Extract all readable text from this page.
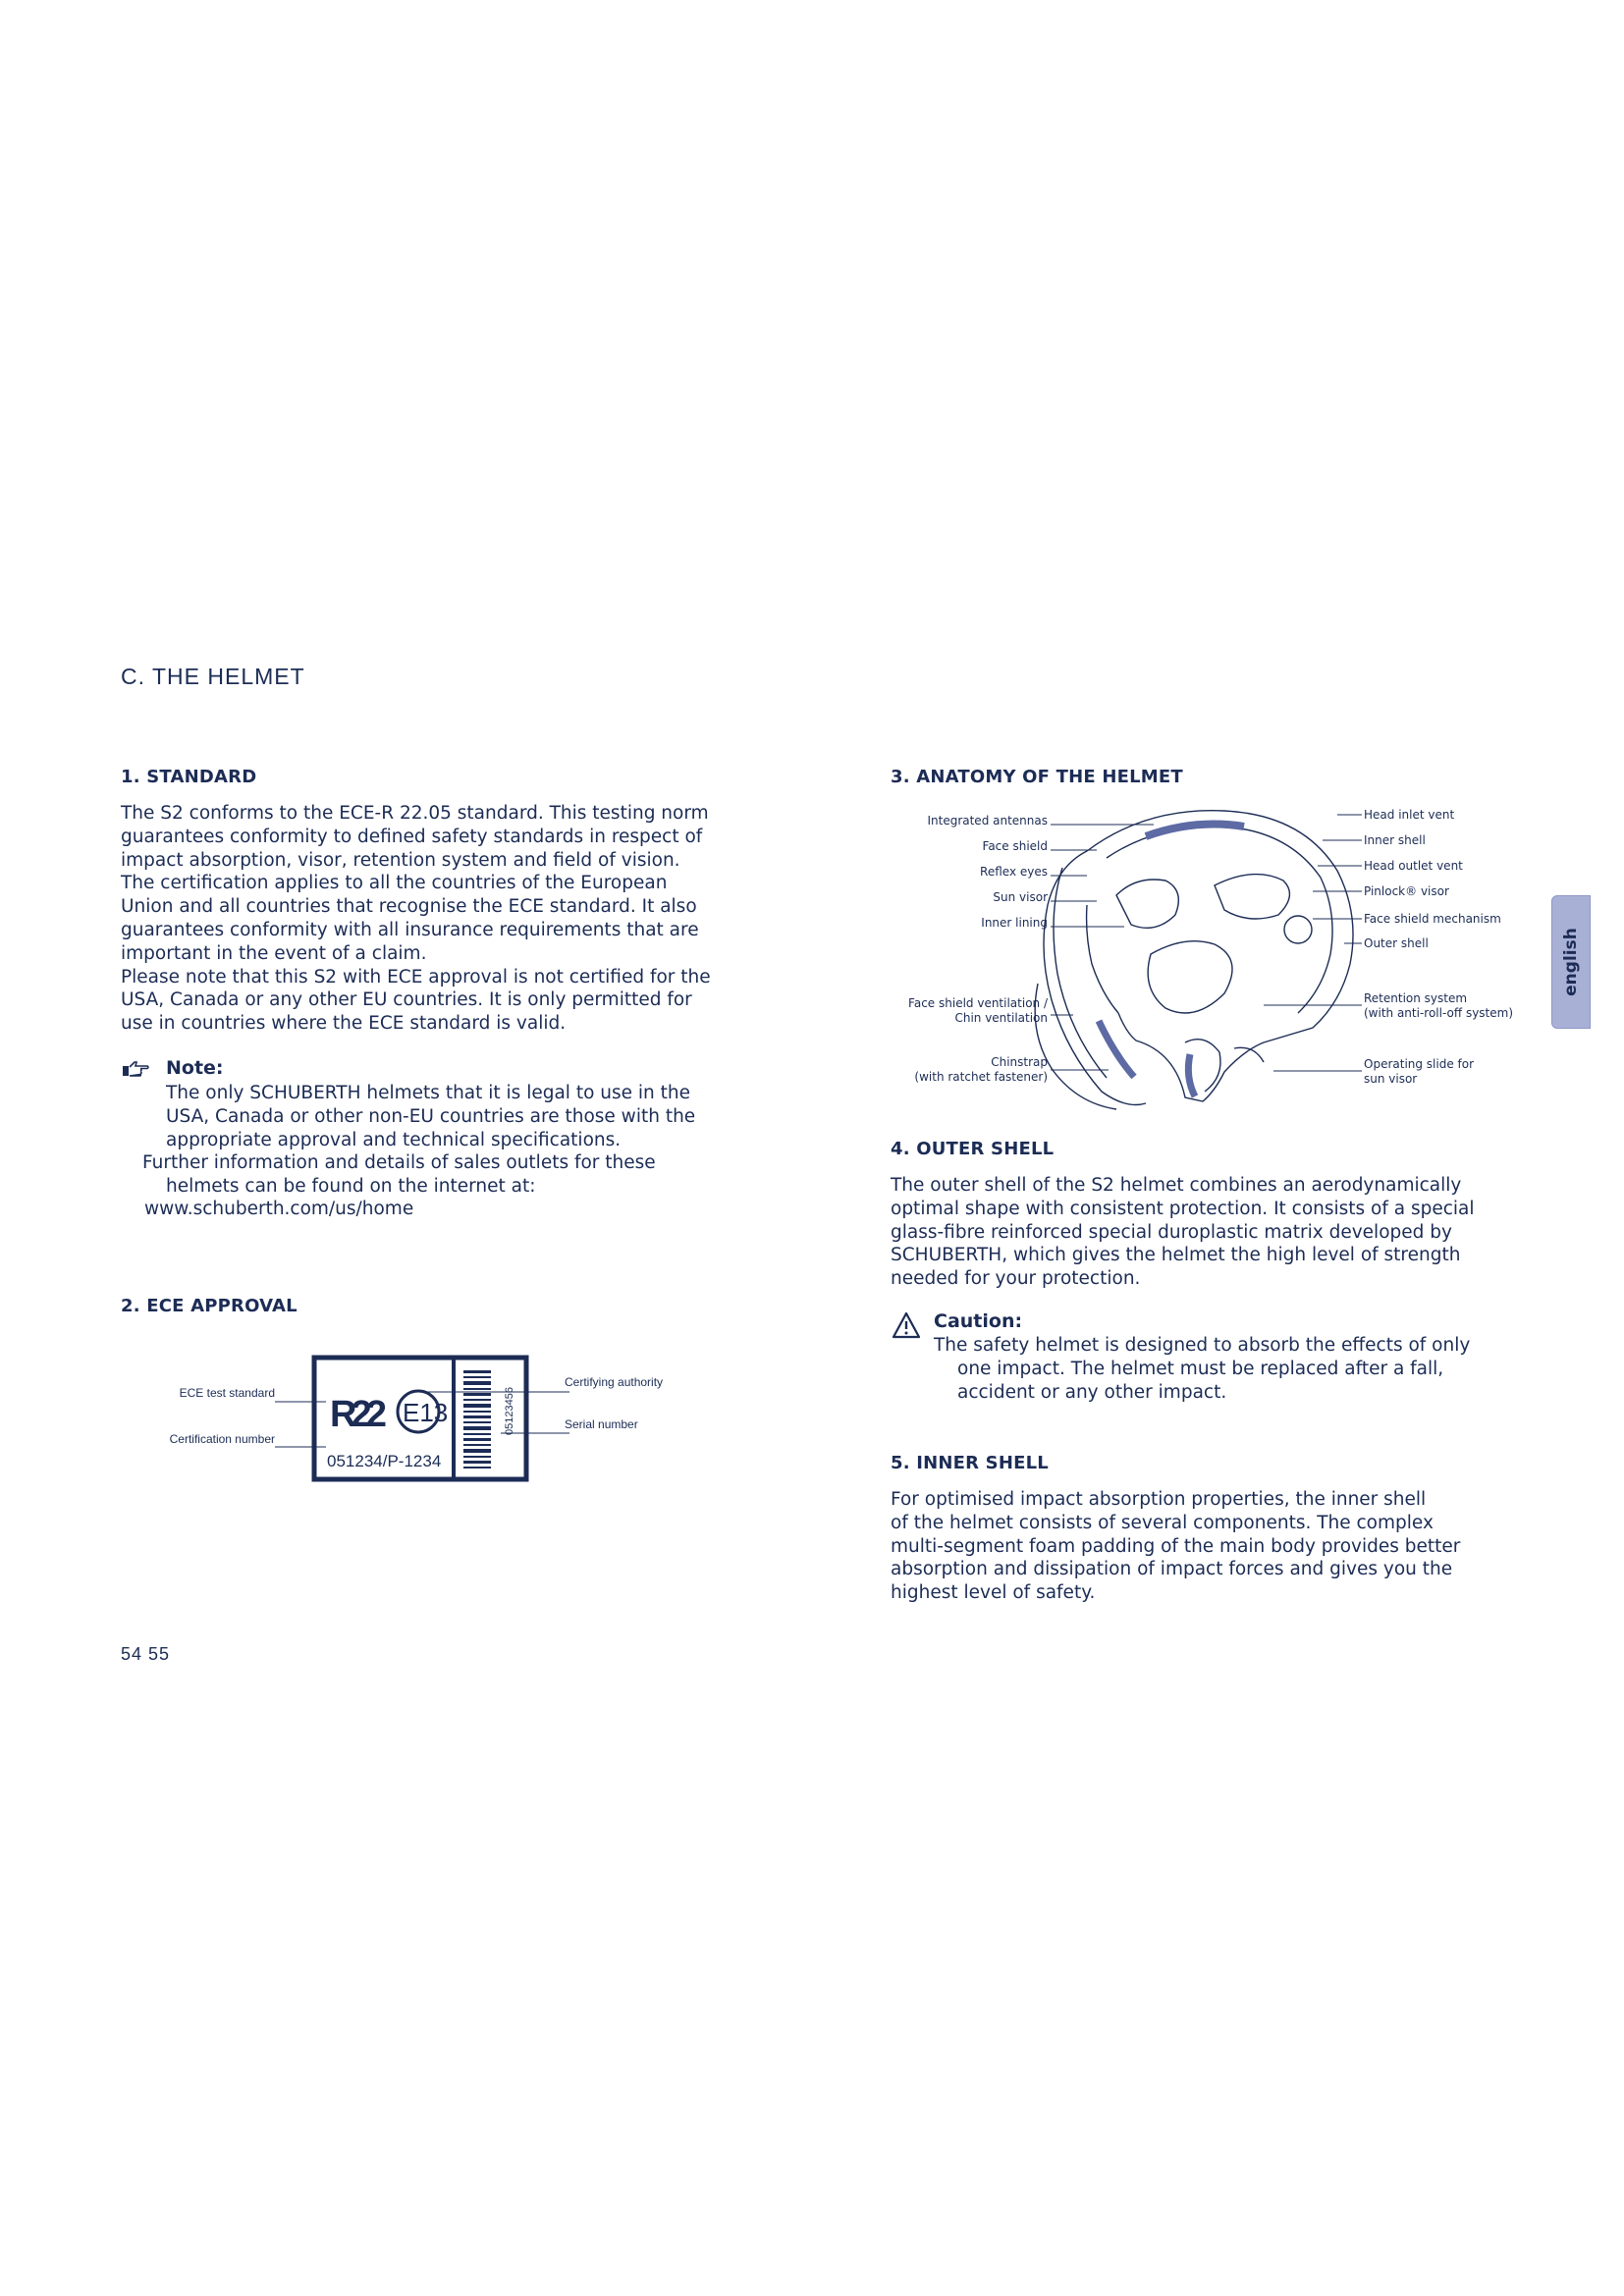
C. THE HELMET
1. STANDARD
The S2 conforms to the ECE-R 22.05 standard. This testing norm
guarantees conformity to defined safety standards in respect of
impact absorption, visor, retention system and field of vision.
The certification applies to all the countries of the European
Union and all countries that recognise the ECE standard. It also
guarantees conformity with all insurance requirements that are
important in the event of a claim.
Please note that this S2 with ECE approval is not certified for the
USA, Canada or any other EU countries. It is only permitted for
use in countries where the ECE standard is valid.
Note:
The only SCHUBERTH helmets that it is legal to use in the
USA, Canada or other non-EU countries are those with the
appropriate approval and technical specifications.
Further information and details of sales outlets for these
helmets can be found on the internet at:
www.schuberth.com/us/home
2. ECE APPROVAL
R22 E13
051234/P-1234
05123456
ECE test standard
Certification number
Certifying authority
Serial number
54 55
3. ANATOMY OF THE HELMET
Integrated antennas
Face shield
Reflex eyes
Sun visor
Inner lining
Face shield ventilation /
Chin ventilation
Chinstrap
(with ratchet fastener)
Head inlet vent
Inner shell
Head outlet vent
Pinlock® visor
Face shield mechanism
Outer shell
Retention system
(with anti-roll-off system)
Operating slide for
sun visor
4. OUTER SHELL
The outer shell of the S2 helmet combines an aerodynamically
optimal shape with consistent protection. It consists of a special
glass-fibre reinforced special duroplastic matrix developed by
SCHUBERTH, which gives the helmet the high level of strength
needed for your protection.
Caution:
The safety helmet is designed to absorb the effects of only
one impact. The helmet must be replaced after a fall,
accident or any other impact.
5. INNER SHELL
For optimised impact absorption properties, the inner shell
of the helmet consists of several components. The complex
multi-segment foam padding of the main body provides better
absorption and dissipation of impact forces and gives you the
highest level of safety.
english
